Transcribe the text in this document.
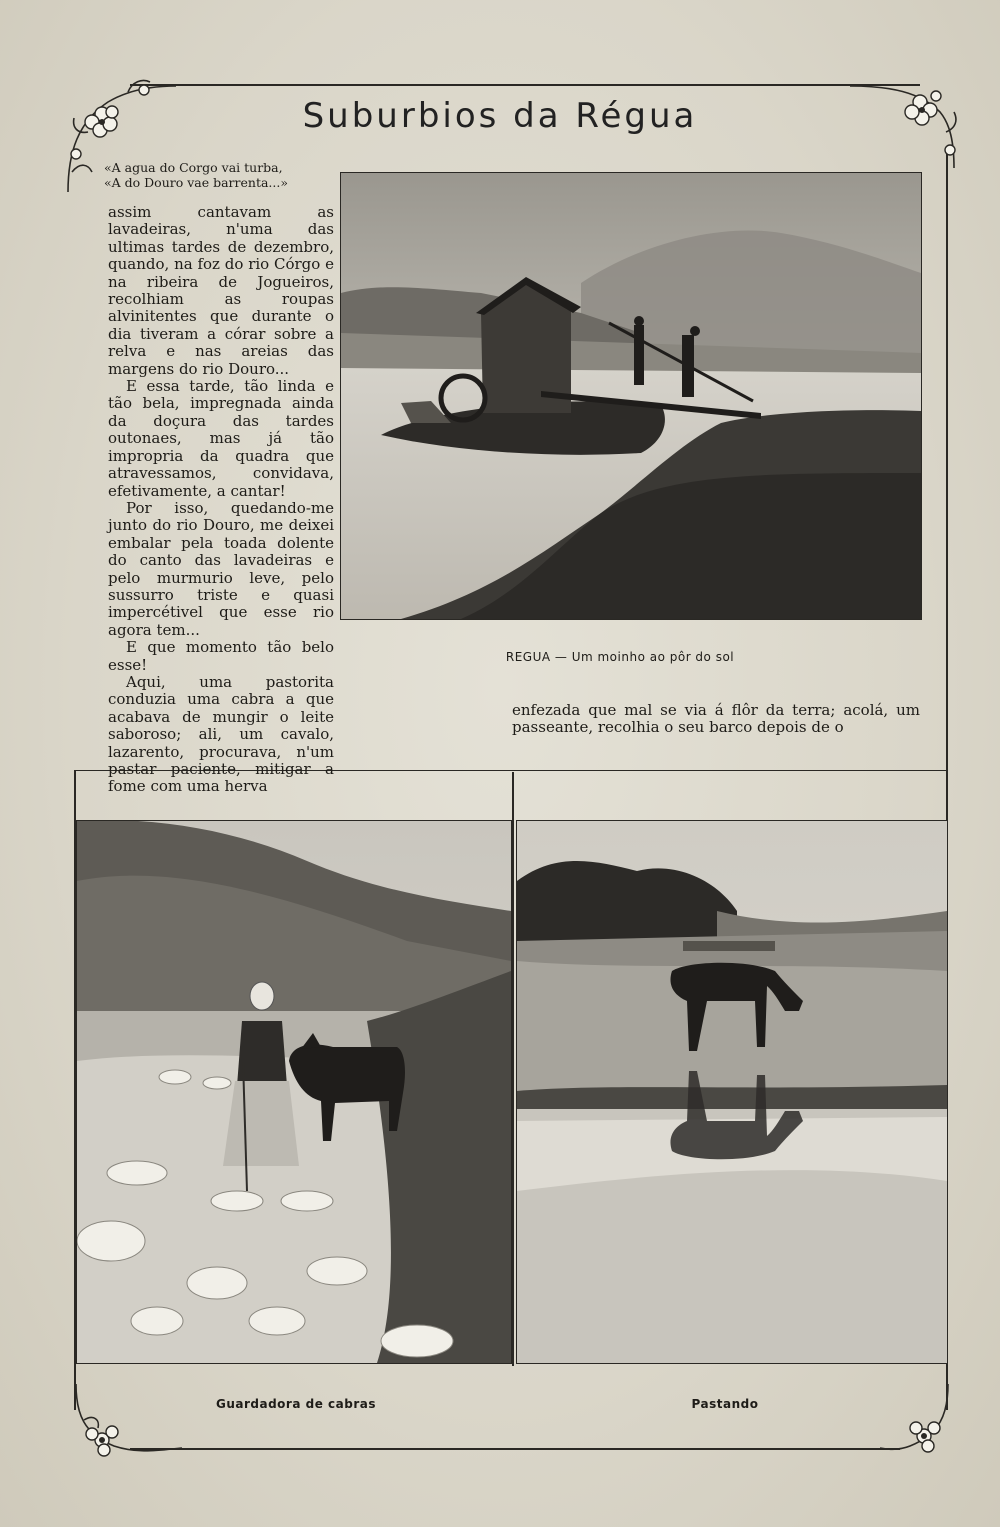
Suburbios da Régua
«A agua do Corgo vai turba,
«A do Douro vae barrenta...»

assim cantavam as lavadeiras, n'uma das ultimas tardes de dezembro, quando, na foz do rio Córgo e na ribeira de Jogueiros, recolhiam as roupas alvinitentes que durante o dia tiveram a córar sobre a relva e nas areias das margens do rio Douro...

E essa tarde, tão linda e tão bela, impregnada ainda da doçura das tardes outonaes, mas já tão impropria da quadra que atravessamos, convidava, efetivamente, a cantar!

Por isso, quedando-me junto do rio Douro, me deixei embalar pela toada dolente do canto das lavadeiras e pelo murmurio leve, pelo sussurro triste e quasi impercétivel que esse rio agora tem...

E que momento tão belo esse!

Aqui, uma pastorita conduzia uma cabra a que acabava de mungir o leite saboroso; ali, um cavalo, lazarento, procurava, n'um pastar paciente, mitigar a fome com uma herva

enfezada que mal se via á flôr da terra; acolá, um passeante, recolhia o seu barco depois de o
REGUA — Um moinho ao pôr do sol
Guardadora de cabras	Pastando
